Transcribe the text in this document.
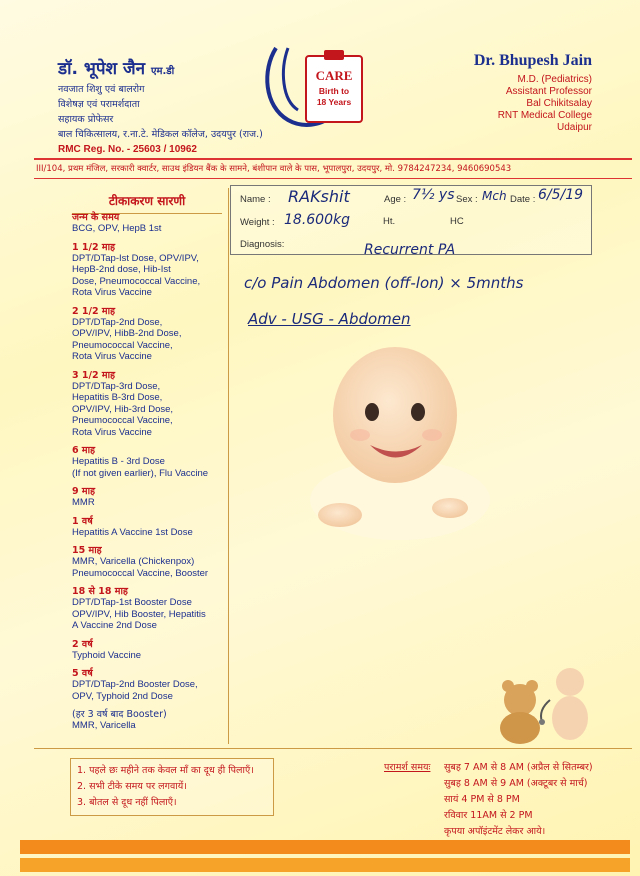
डॉ. भूपेश जैन एम.डी
नवजात शिशु एवं बालरोग
विशेषज्ञ एवं परामर्शदाता
सहायक प्रोफेसर
बाल चिकित्सालय, र.ना.टे. मेडिकल कॉलेज, उदयपुर (राज.)
RMC Reg. No. - 25603 / 10962
CARE
Birth to
18 Years
Dr. Bhupesh Jain
M.D. (Pediatrics)
Assistant Professor
Bal Chikitsalay
RNT Medical College
Udaipur
III/104, प्रथम मंजिल, सरकारी क्वार्टर, साउथ इंडियन बैंक के सामने, बंशीपान वाले के पास, भूपालपुरा, उदयपुर, मो. 9784247234, 9460690543
टीकाकरण सारणी
जन्म के समय
BCG, OPV, HepB 1st
1 1/2 माह
DPT/DTap-Ist Dose, OPV/IPV,
HepB-2nd dose, Hib-Ist
Dose, Pneumococcal Vaccine,
Rota Virus Vaccine
2 1/2 माह
DPT/DTap-2nd Dose,
OPV/IPV, HibB-2nd Dose,
Pneumococcal Vaccine,
Rota Virus Vaccine
3 1/2 माह
DPT/DTap-3rd Dose,
Hepatitis B-3rd Dose,
OPV/IPV, Hib-3rd Dose,
Pneumococcal Vaccine,
Rota Virus Vaccine
6 माह
Hepatitis B - 3rd Dose
(If not given earlier), Flu Vaccine
9 माह
MMR
1 वर्ष
Hepatitis A Vaccine 1st Dose
15 माह
MMR, Varicella (Chickenpox)
Pneumococcal Vaccine, Booster
18 से 18 माह
DPT/DTap-1st Booster Dose
OPV/IPV, Hib Booster, Hepatitis
A Vaccine 2nd Dose
2 वर्ष
Typhoid Vaccine
5 वर्ष
DPT/DTap-2nd Booster Dose,
OPV, Typhoid 2nd Dose
(हर 3 वर्ष बाद Booster)
MMR, Varicella
Name : RAKshit	Age : 7½ ys Sex : Mch Date : 6/5/19
Weight : 18.600kg	Ht.	HC
Diagnosis:	Recurrent PA
c/o Pain Abdomen (off-lon) × 5mnths
Adv - USG - Abdomen
1. पहले छः महीने तक केवल माँ का दूध ही पिलाएँ।
2. सभी टीके समय पर लगवायें।
3. बोतल से दूध नहीं पिलाएँ।
परामर्श समयः सुबह 7 AM से 8 AM (अप्रैल से सितम्बर)
सुबह 8 AM से 9 AM (अक्टूबर से मार्च)
सायं 4 PM से 8 PM
रविवार 11AM से 2 PM
कृपया अपॉइंटमेंट लेकर आये।
